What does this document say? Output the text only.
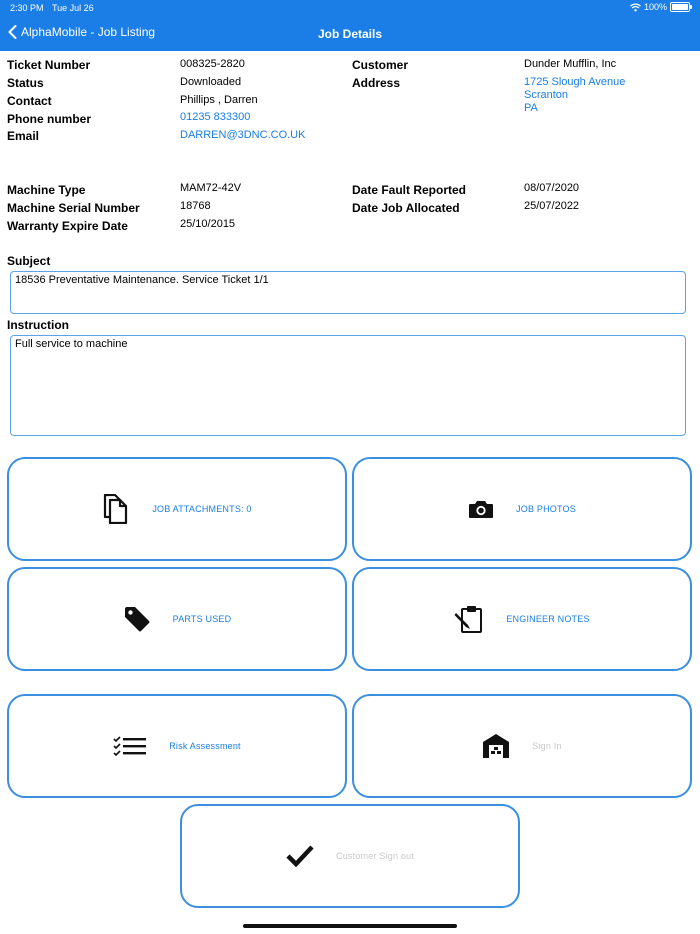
2:30 PM Tue Jul 26	100%
AlphaMobile - Job Listing	Job Details
Ticket Number	008325-2820
Status	Downloaded
Contact	Phillips , Darren
Phone number	01235 833300
Email	DARREN@3DNC.CO.UK
Customer	Dunder Mufflin, Inc
Address	1725 Slough Avenue
Scranton
PA
Machine Type	MAM72-42V
Machine Serial Number	18768
Warranty Expire Date	25/10/2015
Date Fault Reported	08/07/2020
Date Job Allocated	25/07/2022
Subject
18536 Preventative Maintenance. Service Ticket 1/1
Instruction
Full service to machine
JOB ATTACHMENTS: 0	JOB PHOTOS
PARTS USED	ENGINEER NOTES
Risk Assessment	Sign In
Customer Sign out
